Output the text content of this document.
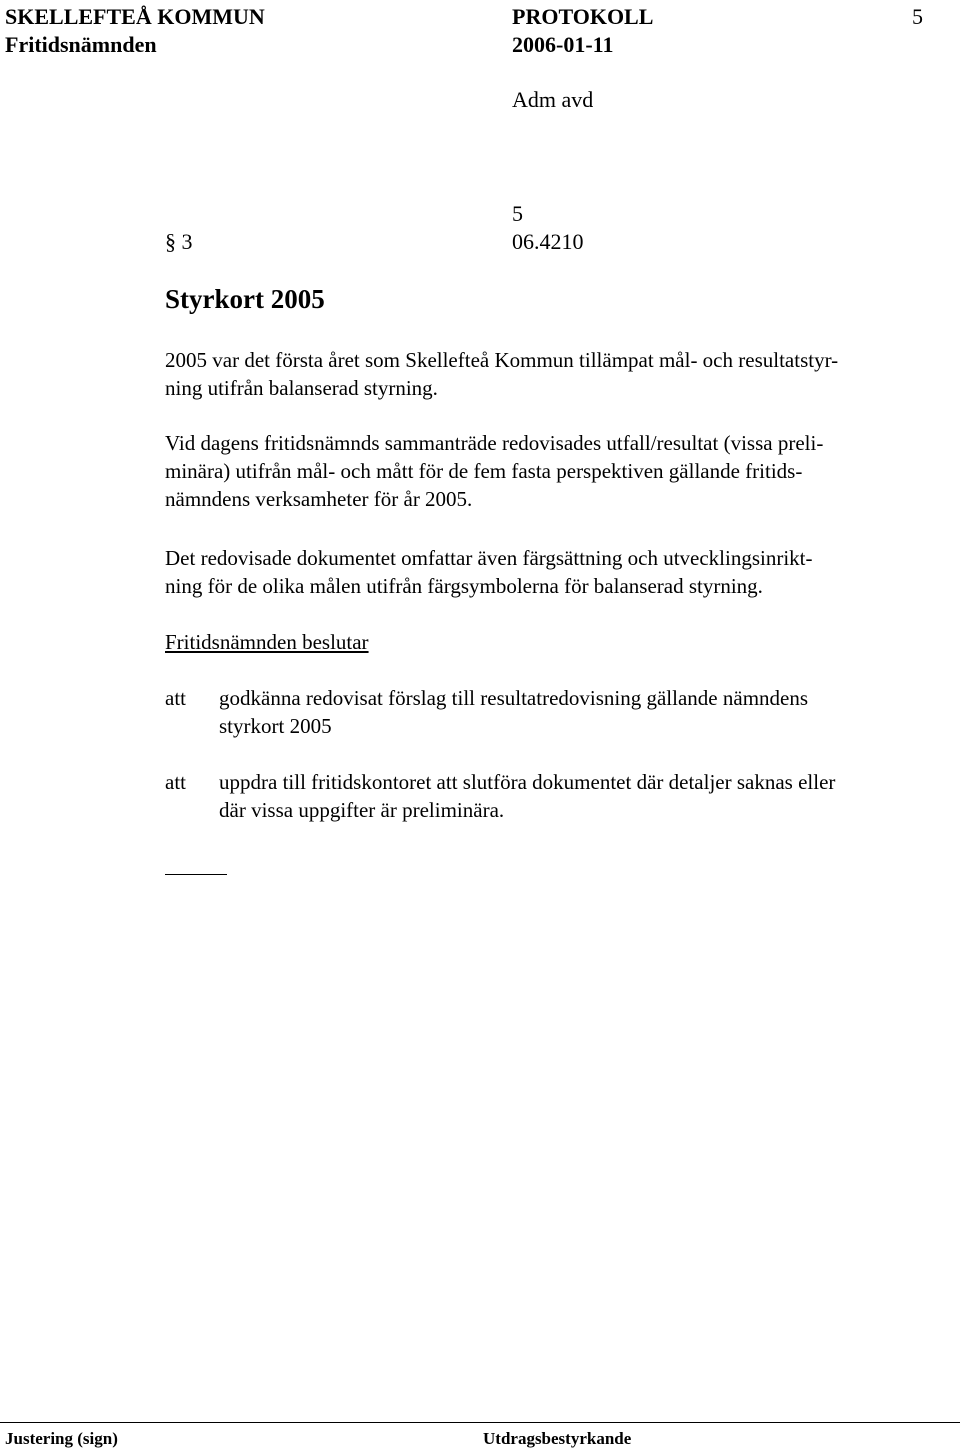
SKELLEFTEÅ KOMMUN	PROTOKOLL	5
Fritidsnämnden	2006-01-11
Adm avd
5
§ 3	06.4210
Styrkort 2005
2005 var det första året som Skellefteå Kommun tillämpat mål- och resultatstyr-
ning utifrån balanserad styrning.
Vid dagens fritidsnämnds sammanträde redovisades utfall/resultat (vissa preli-
minära) utifrån mål- och mått för de fem fasta perspektiven gällande fritids-
nämndens verksamheter för år 2005.
Det redovisade dokumentet omfattar även färgsättning och utvecklingsinrikt-
ning för de olika målen utifrån färgsymbolerna för balanserad styrning.
Fritidsnämnden beslutar
att godkänna redovisat förslag till resultatredovisning gällande nämndens
styrkort 2005
att uppdra till fritidskontoret att slutföra dokumentet där detaljer saknas eller
där vissa uppgifter är preliminära.
Justering (sign)	Utdragsbestyrkande
